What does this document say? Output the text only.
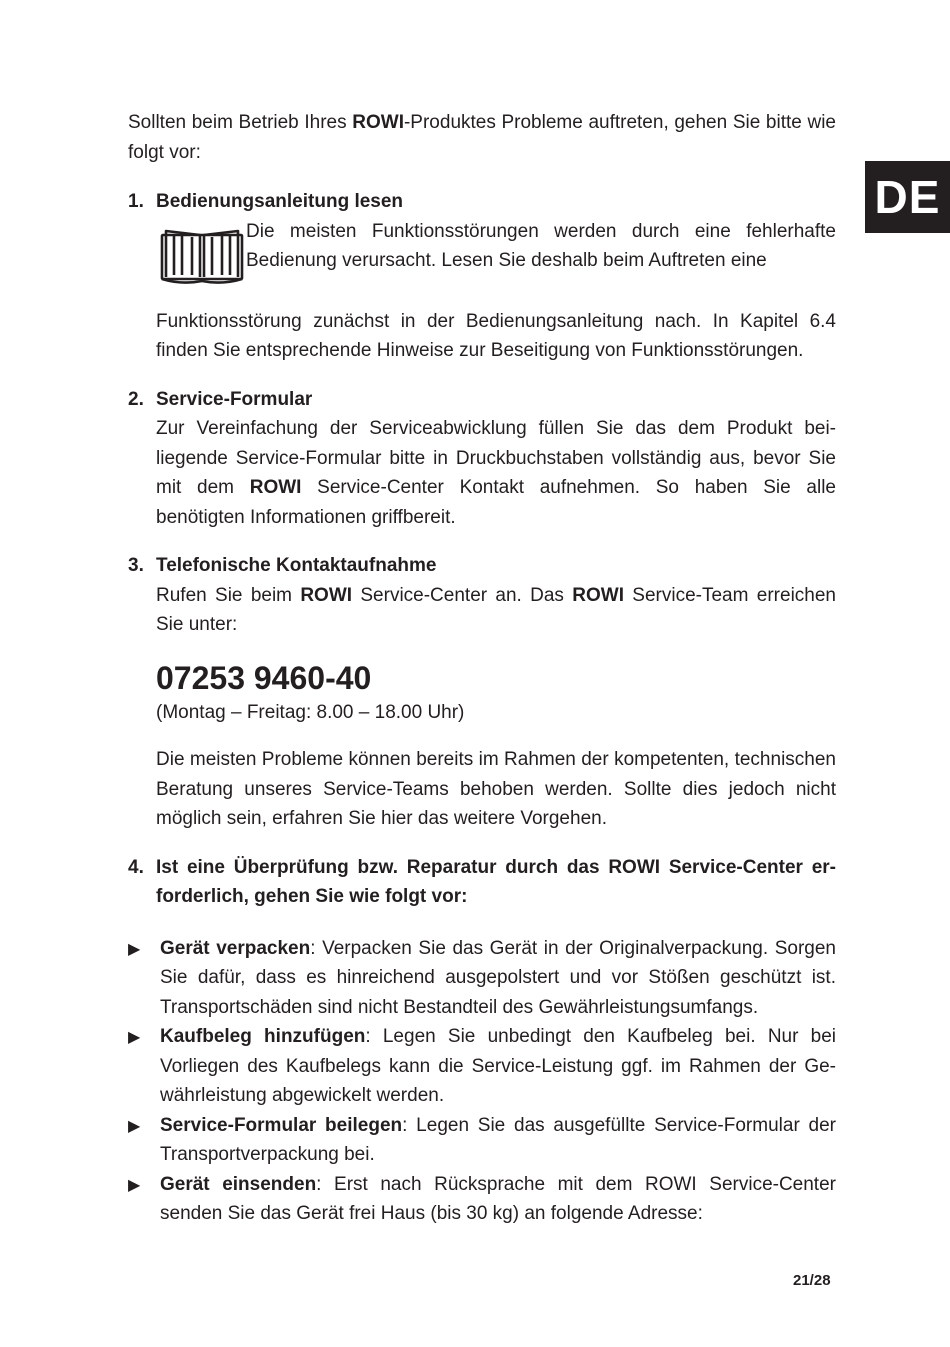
DE

Sollten beim Betrieb Ihres ROWI-Produktes Probleme auftreten, gehen Sie bitte wie folgt vor:

1. Bedienungsanleitung lesen

Die meisten Funktionsstörungen werden durch eine fehlerhafte Bedienung verursacht. Lesen Sie deshalb beim Auftreten eine

Funktionsstörung zunächst in der Bedienungsanleitung nach. In Kapitel 6.4 finden Sie entsprechende Hinweise zur Beseitigung von Funktionsstörungen.

2. Service-Formular

Zur Vereinfachung der Serviceabwicklung füllen Sie das dem Produkt beiliegende Service-Formular bitte in Druckbuchstaben vollständig aus, bevor Sie mit dem ROWI Service-Center Kontakt aufnehmen. So haben Sie alle benötigten Informationen griffbereit.

3. Telefonische Kontaktaufnahme

Rufen Sie beim ROWI Service-Center an. Das ROWI Service-Team erreichen Sie unter:

07253 9460-40

(Montag – Freitag: 8.00 – 18.00 Uhr)

Die meisten Probleme können bereits im Rahmen der kompetenten, technischen Beratung unseres Service-Teams behoben werden. Sollte dies jedoch nicht möglich sein, erfahren Sie hier das weitere Vorgehen.

4. Ist eine Überprüfung bzw. Reparatur durch das ROWI Service-Center erforderlich, gehen Sie wie folgt vor:
▶	Gerät verpacken: Verpacken Sie das Gerät in der Originalverpackung. Sorgen Sie dafür, dass es hinreichend ausgepolstert und vor Stößen geschützt ist. Transportschäden sind nicht Bestandteil des Gewährleistungsumfangs.
▶	Kaufbeleg hinzufügen: Legen Sie unbedingt den Kaufbeleg bei. Nur bei Vorliegen des Kaufbelegs kann die Service-Leistung ggf. im Rahmen der Gewährleistung abgewickelt werden.
▶	Service-Formular beilegen: Legen Sie das ausgefüllte Service-Formular der Transportverpackung bei.
▶	Gerät einsenden: Erst nach Rücksprache mit dem ROWI Service-Center senden Sie das Gerät frei Haus (bis 30 kg) an folgende Adresse:
21/28
